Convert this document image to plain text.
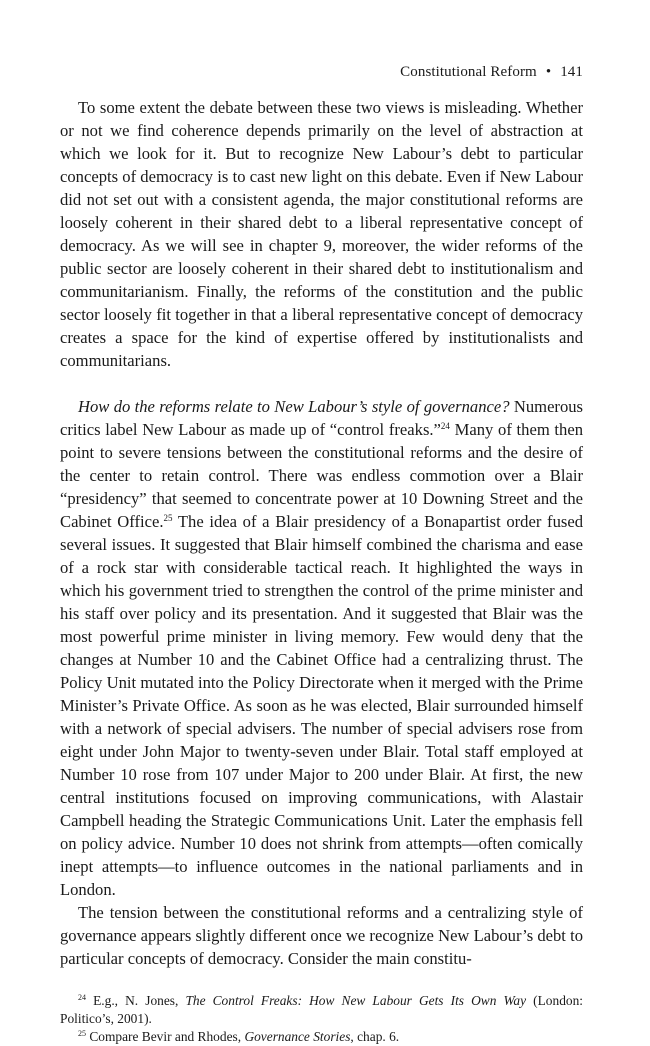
Constitutional Reform • 141

To some extent the debate between these two views is misleading. Whether or not we find coherence depends primarily on the level of abstraction at which we look for it. But to recognize New Labour’s debt to particular concepts of democracy is to cast new light on this debate. Even if New Labour did not set out with a consistent agenda, the major constitutional reforms are loosely coherent in their shared debt to a liberal representative concept of democracy. As we will see in chapter 9, moreover, the wider reforms of the public sector are loosely coherent in their shared debt to institutionalism and communitarianism. Finally, the reforms of the constitution and the public sector loosely fit together in that a liberal representative concept of democracy creates a space for the kind of expertise offered by institutionalists and communitarians.

How do the reforms relate to New Labour’s style of governance? Numerous critics label New Labour as made up of “control freaks.”$^{24}$ Many of them then point to severe tensions between the constitutional reforms and the desire of the center to retain control. There was endless commotion over a Blair “presidency” that seemed to concentrate power at 10 Downing Street and the Cabinet Office.$^{25}$ The idea of a Blair presidency of a Bonapartist order fused several issues. It suggested that Blair himself combined the charisma and ease of a rock star with considerable tactical reach. It highlighted the ways in which his government tried to strengthen the control of the prime minister and his staff over policy and its presentation. And it suggested that Blair was the most powerful prime minister in living memory. Few would deny that the changes at Number 10 and the Cabinet Office had a centralizing thrust. The Policy Unit mutated into the Policy Directorate when it merged with the Prime Minister’s Private Office. As soon as he was elected, Blair surrounded himself with a network of special advisers. The number of special advisers rose from eight under John Major to twenty-seven under Blair. Total staff employed at Number 10 rose from 107 under Major to 200 under Blair. At first, the new central institutions focused on improving communications, with Alastair Campbell heading the Strategic Communications Unit. Later the emphasis fell on policy advice. Number 10 does not shrink from attempts—often comically inept attempts—to influence outcomes in the national parliaments and in London.

The tension between the constitutional reforms and a centralizing style of governance appears slightly different once we recognize New Labour’s debt to particular concepts of democracy. Consider the main constitu-

$^{24}$ E.g., N. Jones, The Control Freaks: How New Labour Gets Its Own Way (London: Politico’s, 2001).

$^{25}$ Compare Bevir and Rhodes, Governance Stories, chap. 6.
